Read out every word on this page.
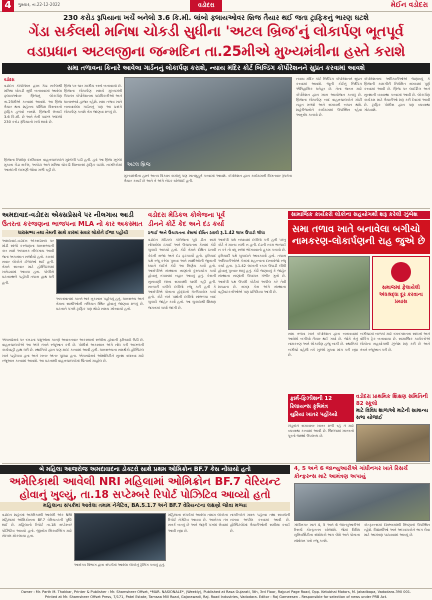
4	ગુરુવાર, તા.22-12-2022	વડોદરા	મેઈન વડોદરા
230 કરોડ રૂપિયાના ખર્ચે બનેલો 3.6 કિ.મી. લાંબો ફ્લાયઓવર બ્રિજ તૈયાર થઈ જતા ટ્રાફિકનું ભારણ ઘટશે
ગેંડા સર્કલથી મનિષા ચોકડી સુધીના 'અટલ બ્રિજ'નું લોકાર્પણ ભૂતપૂર્વ
વડાપ્રધાન અટલજીના જન્મદિન તા.25મીએ મુખ્યમંત્રીના હસ્તે કરાશે
સમા તળાવના કિનારે આવેલા ગાર્ડનનું લોકાર્પણ કરાશે, ન્યાય મંદિર કોર્ટ બિલ્ડિંગ કોર્પોરેશનને સુપ્રત કરવામાં આવશે
વડોદરા
વડોદરા કોર્પોરેશન દ્વારા ગેંડા સર્કલથી મનિષા ચોકડી સુધી બનાવવામાં આવેલા ફ્લાયઓવર બ્રિજનું લોકાર્પણ તા.25મીએ કરવામાં આવશે. આ બ્રિજ તૈયાર થતા શહેરના પશ્ચિમ વિસ્તારનો ટ્રાફિક હળવો બનશે. બ્રિજની લંબાઈ 3.6 કિ.મી. છે અને તેની પાછળ અંદાજે 230 કરોડ રૂપિયાનો ખર્ચ થયો છે.
બ્રિજ પર ચાર માર્ગીય રસ્તો બનાવાયો છે. બ્રિજના લોકાર્પણ સમયે મુખ્યમંત્રી ઉપરાંત કોર્પોરેશનના પદાધિકારીઓ અને ધારાસભ્યો હાજર રહેશે. સમા તળાવ ખાતે બનાવાયેલા ગાર્ડનનું પણ આ પ્રસંગે લોકાર્પણ કરાશે તેમ જાણવા મળ્યું છે.
અટલ બ્રિજ
ન્યાય મંદિર કોર્ટ બિલ્ડિંગ કોર્પોરેશનને સુપ્રત કરવામાં આવશે. જૂની કોર્ટનું બિલ્ડિંગ ઐતિહાસિક ધરોહર છે. તેના જતન માટે કોર્પોરેશન દ્વારા ખાસ આયોજન કરાયું છે. બ્રિજના લોકાર્પણ બાદ વાહનચાલકોને મોટી રાહત મળશે અને સમયની બચત થશે. શહેરીજનોને કાર્યક્રમમાં ઉપસ્થિત રહેવા અનુરોધ કરાયો છે.
કોર્પોરેશનના અધિકારીઓએ જણાવ્યું કે બ્રિજની કામગીરી નિર્ધારિત સમયમાં પૂર્ણ કરવામાં આવી છે. બ્રિજ પર લાઈટિંગ અને સુરક્ષાની વ્યવસ્થા કરવામાં આવી છે. લોકાર્પણ કાર્યક્રમ માટે તૈયારીઓ શરૂ કરી દેવામાં આવી છે. ટ્રાફિક પોલીસ દ્વારા પણ વ્યવસ્થા ગોઠવાશે.
બ્રિજના નિર્માણ દરમિયાન વાહનચાલકોને મુશ્કેલી પડી હતી. હવે આ બ્રિજ ખુલ્લો મુકાતા ગેંડા સર્કલ, અકોટા અને મનિષા ચોકડી વિસ્તારમાં ટ્રાફિક ઘટશે. નાગરિકોમાં આનંદની લાગણી જોવા મળી રહી છે.
મુખ્યમંત્રીના હસ્તે અન્ય વિકાસ કામોનું પણ ખાતમુહૂર્ત કરવામાં આવશે. કોર્પોરેશન દ્વારા કાર્યક્રમની વિગતવાર રૂપરેખા તૈયાર કરાઈ છે અને તે અંગે બેઠક યોજાઈ હતી.
અમદાવાદ-વડોદરા એક્સપ્રેસવે પર નીલગાય આડી
ઉતરતા કરજણના ભાજપના MLA નો કાર અકસ્માત
ધારાસભ્ય તથા તેમની સાથે કારમાં સવાર લોકોને ઈજા પહોંચી
અમદાવાદ-વડોદરા એક્સપ્રેસવે પર મોડી સાંજે કરજણના ધારાસભ્યની કાર સામે અચાનક નીલગાય આવી જતા અકસ્માત સર્જાયો હતો. કારમાં સવાર લોકોને ઈજાઓ થઈ હતી. તેમને સારવાર માટે હોસ્પિટલમાં ખસેડવામાં આવ્યા હતા. પોલીસે ઘટનાસ્થળે પહોંચી તપાસ હાથ ધરી હતી.
અકસ્માતમાં કારને ભારે નુકસાન પહોંચ્યું હતું. ધારાસભ્ય અને તેમના સાથીઓની તબિયત સ્થિર હોવાનું જાણવા મળ્યું છે. ઘટનાને પગલે ટ્રાફિક પણ થોડો સમય ખોરવાયો હતો.
એક્સપ્રેસવે પર રખડતા પશુઓના કારણે અવારનવાર અકસ્માતો સર્જાતા હોવાની ફરિયાદો ઉઠી છે. વાહનચાલકોએ આ અંગે તંત્રને રજૂઆત કરી છે. પોલીસે અકસ્માત અંગે નોંધ કરી આગળની કાર્યવાહી હાથ ધરી છે. સ્થાનિકો દ્વારા પણ મદદ કરવામાં આવી હતી. ધારાસભ્યના સમર્થકો હોસ્પિટલ ખાતે પહોંચ્યા હતા અને ખબર અંતર પૂછ્યા હતા. એક્સપ્રેસવે ઓથોરિટીને સુરક્ષા વધારવા માટે રજૂઆત કરવામાં આવશે. આ ઘટનાથી વાહનચાલકોમાં ચિંતાનો માહોલ છે.
વડોદરા મેડિકલ કોલેજના પૂર્વ
ડીનને કોર્ટે કેદ અને દંડ કર્યા
ઠગાઈ અને ઉચાપતના કેસમાં દોષિત ઠરાવી રૂ.1.42 લાખ ઉપાડી લીધા
વડોદરા મેડિકલ કોલેજના પૂર્વ ડીન સામે નોંધાયેલા ઠગાઈ અને ઉચાપતના કેસમાં કોર્ટે ચુકાદો આપ્યો હતો. કોર્ટે તેમને દોષિત ઠરાવી કેદની સજા અને દંડ ફટકાર્યો હતો. ફરિયાદ પક્ષે રજૂ કરેલા પુરાવા અને સાક્ષીઓની જુબાની ધ્યાને લઈને કોર્ટે આ નિર્ણય કર્યો હતો. આરોપીએ સંસ્થાના નાણાંનો દુરુપયોગ કર્યો હોવાનું તપાસમાં બહાર આવ્યું હતું. કેસની સુનાવણી લાંબા સમયથી ચાલી રહી હતી. સરકારી વકીલે દલીલો રજૂ કરી હતી કે આરોપીએ પોતાના હોદ્દાનો ગેરઉપયોગ કર્યો હતો. કોર્ટે બંને પક્ષોની દલીલો સાંભળ્યા બાદ ચુકાદો જાહેર કર્યો હતો. આ ચુકાદાથી શિક્ષણ જગતમાં ચર્ચા જાગી છે.
આરોપી પક્ષે બચાવમાં દલીલો કરી હતી પરંતુ કોર્ટે તે માન્ય રાખી ન હતી. દંડની રકમ ભરપાઈ ન કરે તો વધુ સજા ભોગવવાનો હુકમ કરાયો છે. ફરિયાદી પક્ષે ચુકાદાને આવકાર્યો હતો. તપાસ અધિકારીઓએ કેસમાં મહત્ત્વના દસ્તાવેજો રજૂ કર્યા હતા. રૂ.1.42 લાખની રકમ ઉપાડી લીધી હોવાનું પુરવાર થયું હતું. કોર્ટે જણાવ્યું કે જાહેર સંસ્થાના નાણાંની ઉચાપત ગંભીર ગુનો છે. આરોપી પક્ષ ઉપલી કોર્ટમાં અપીલ કરે તેવી શક્યતા છે. સમગ્ર કેસ અંગે સંસ્થાના વહીવટકર્તાઓએ પણ પ્રતિક્રિયા આપી છે.
સામાજિક કાર્યકરો લોકોના સહયોગથી શરૂ કરેલી ઝુંબેશ
સમા તળાવ ખાતે બનાવેલા બગીચો નામકરણ-લોકાર્પણની રાહ જુએ છે
સમાજમાં ફેલાયેલી અંધશ્રદ્ધા દૂર કરવાના પ્રયાસ
સમા તળાવ ખાતે કોર્પોરેશન દ્વારા બનાવવામાં આવેલો બગીચો તૈયાર થઈ ગયો છે. જોકે તેનું નામકરણ અને લોકાર્પણ હજુ બાકી છે. સ્થાનિકો બગીચો વહેલી તકે ખુલ્લો મુકવા માંગ કરી રહ્યા છે.
બગીચામાં બાળકો માટે રમતગમતના સાધનો અને વોકિંગ ટ્રેક બનાવાયા છે. સામાજિક કાર્યકરોએ લોકોના સહયોગથી ઝુંબેશ શરૂ કરી છે અને તંત્રને રજૂઆત કરી છે.
ફાર્મ-ફિઝીશની 12
રિલાયન્સ કૃષિમંત્ર
યુરિયા ખાતર પહોંચ્યો
ખેડૂતોને સમયસર ખાતર મળી રહે તે માટે વ્યવસ્થા કરવામાં આવી છે. જિલ્લામાં ખાતરનો પૂરતો જથ્થો ઉપલબ્ધ છે.
વડોદરા પ્રાથમિક શિક્ષણ સમિતિની 82 સ્કૂલો
માટે વિવિધ શાળાઓ માટેની સામાન્ય સભા યોજાઈ
બે મહિલા આજરોજ અમદાવાદના ડોક્ટરો સાથે પ્રથમ ઓમિક્રોન BF.7 કેસ નોંધાયો હતો
અમેરિકાથી આવેલી NRI મહિલામાં ઓમિક્રોન BF.7 વેરિયન્ટ
હોવાનું ખુલ્યું, તા.18 સપ્ટેમ્બરે રિપોર્ટ પોઝિટિવ આવ્યો હતો
મહિલાના સંપર્કમાં આવેલા તમામ નેગેટિવ, BA.5.1.7 અને BF.7 વેરિયન્ટના લક્ષણો જોવા મળ્યા
વડોદરા શહેરમાં અમેરિકાથી આવેલી એક NRI મહિલામાં ઓમિક્રોનના BF.7 વેરિયન્ટની પુષ્ટિ થઈ છે. મહિલાનો રિપોર્ટ તા.18 સપ્ટેમ્બરે પોઝિટિવ આવ્યો હતો. જીનોમ સિક્વન્સિંગ માટે સેમ્પલ મોકલાયા હતા.
આરોગ્ય વિભાગ દ્વારા સંપર્કમાં આવેલા લોકોનું ટ્રેસિંગ કરાયું હતું.
મહિલાના સંપર્કમાં આવેલા તમામ લોકોના રિપોર્ટ નેગેટિવ આવ્યા છે. આરોગ્ય તંત્ર સતર્ક બન્યું છે અને જરૂરી પગલાં લેવામાં આવી રહ્યા છે.
નાગરિકોને માસ્ક પહેરવા તથા સાવચેતી રાખવા અપીલ કરવામાં આવી છે. હોસ્પિટલોમાં તૈયારીઓની સમીક્ષા કરાઈ છે.
4, 5 અને 6 જાન્યુઆરીએ ગાંધીનગર ખાતે રિસર્ચ
કોન્ફરન્સ માટે આમંત્રણ અપાયું
ગાંધીનગર ખાતે 4, 5 અને 6 જાન્યુઆરીએ રિસર્ચ કોન્ફરન્સ યોજાશે. જેમાં વિવિધ યુનિવર્સિટીના સંશોધકો ભાગ લેશે અને પોતાના સંશોધન પત્રો રજૂ કરશે.
કોન્ફરન્સમાં દેશભરમાંથી નિષ્ણાતો ઉપસ્થિત રહેશે. વિદ્યાર્થીઓ અને અધ્યાપકોને ભાગ લેવા માટે આમંત્રણ પાઠવવામાં આવ્યું છે.
Owner : Mr. Parth M. Thakkar, Printer & Publisher : Mr. Shamsheer Offset, *MAR. NASIONALE*, (Weekly), Published at Rasa Gujarati, 5th, 3rd Floor, Rajpuri Page Road, Opp. Ketubhai Motors, M. Jakadbapa, Vadodara-390 001.
Printed at Mr. Shamsheer Offset Press, 7/171, Patel Estate, Tamsaa Mill Road, Gajarawadi, Raj. Road Industries, Vadodara. Editor : Raj Gameesen - Responsible for selection of news under PRB Act.
